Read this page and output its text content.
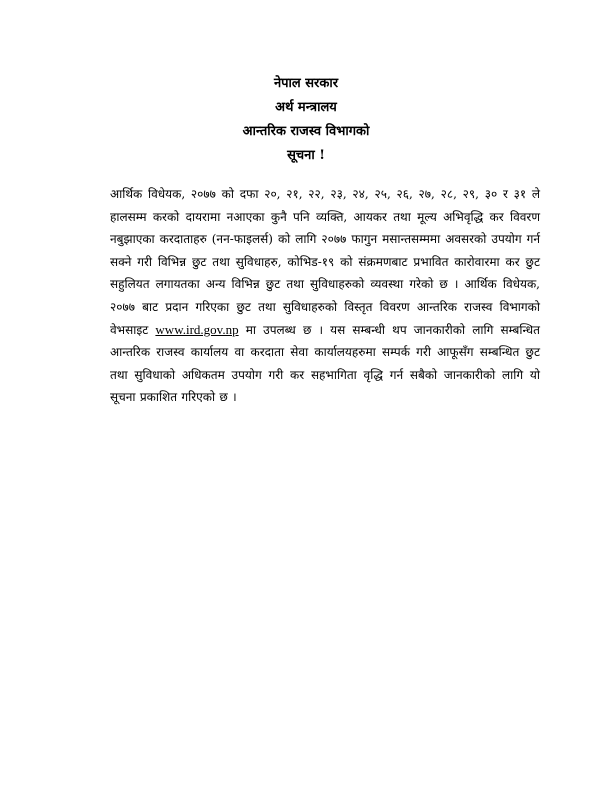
नेपाल सरकार
अर्थ मन्त्रालय
आन्तरिक राजस्व विभागको
सूचना !

आर्थिक विधेयक, २०७७ को दफा २०, २१, २२, २३, २४, २५, २६, २७, २८, २९, ३० र ३१ ले हालसम्म करको दायरामा नआएका कुनै पनि व्यक्ति, आयकर तथा मूल्य अभिवृद्धि कर विवरण नबुझाएका करदाताहरु (नन-फाइलर्स) को लागि २०७७ फागुन मसान्तसम्ममा अवसरको उपयोग गर्न सक्ने गरी विभिन्न छुट तथा सुविधाहरु, कोभिड-१९ को संक्रमणबाट प्रभावित कारोवारमा कर छुट सहुलियत लगायतका अन्य विभिन्न छुट तथा सुविधाहरुको व्यवस्था गरेको छ । आर्थिक विधेयक, २०७७ बाट प्रदान गरिएका छुट तथा सुविधाहरुको विस्तृत विवरण आन्तरिक राजस्व विभागको वेभसाइट www.ird.gov.np मा उपलब्ध छ । यस सम्बन्धी थप जानकारीको लागि सम्बन्धित आन्तरिक राजस्व कार्यालय वा करदाता सेवा कार्यालयहरुमा सम्पर्क गरी आफूसँग सम्बन्धित छुट तथा सुविधाको अधिकतम उपयोग गरी कर सहभागिता वृद्धि गर्न सबैको जानकारीको लागि यो सूचना प्रकाशित गरिएको छ ।
